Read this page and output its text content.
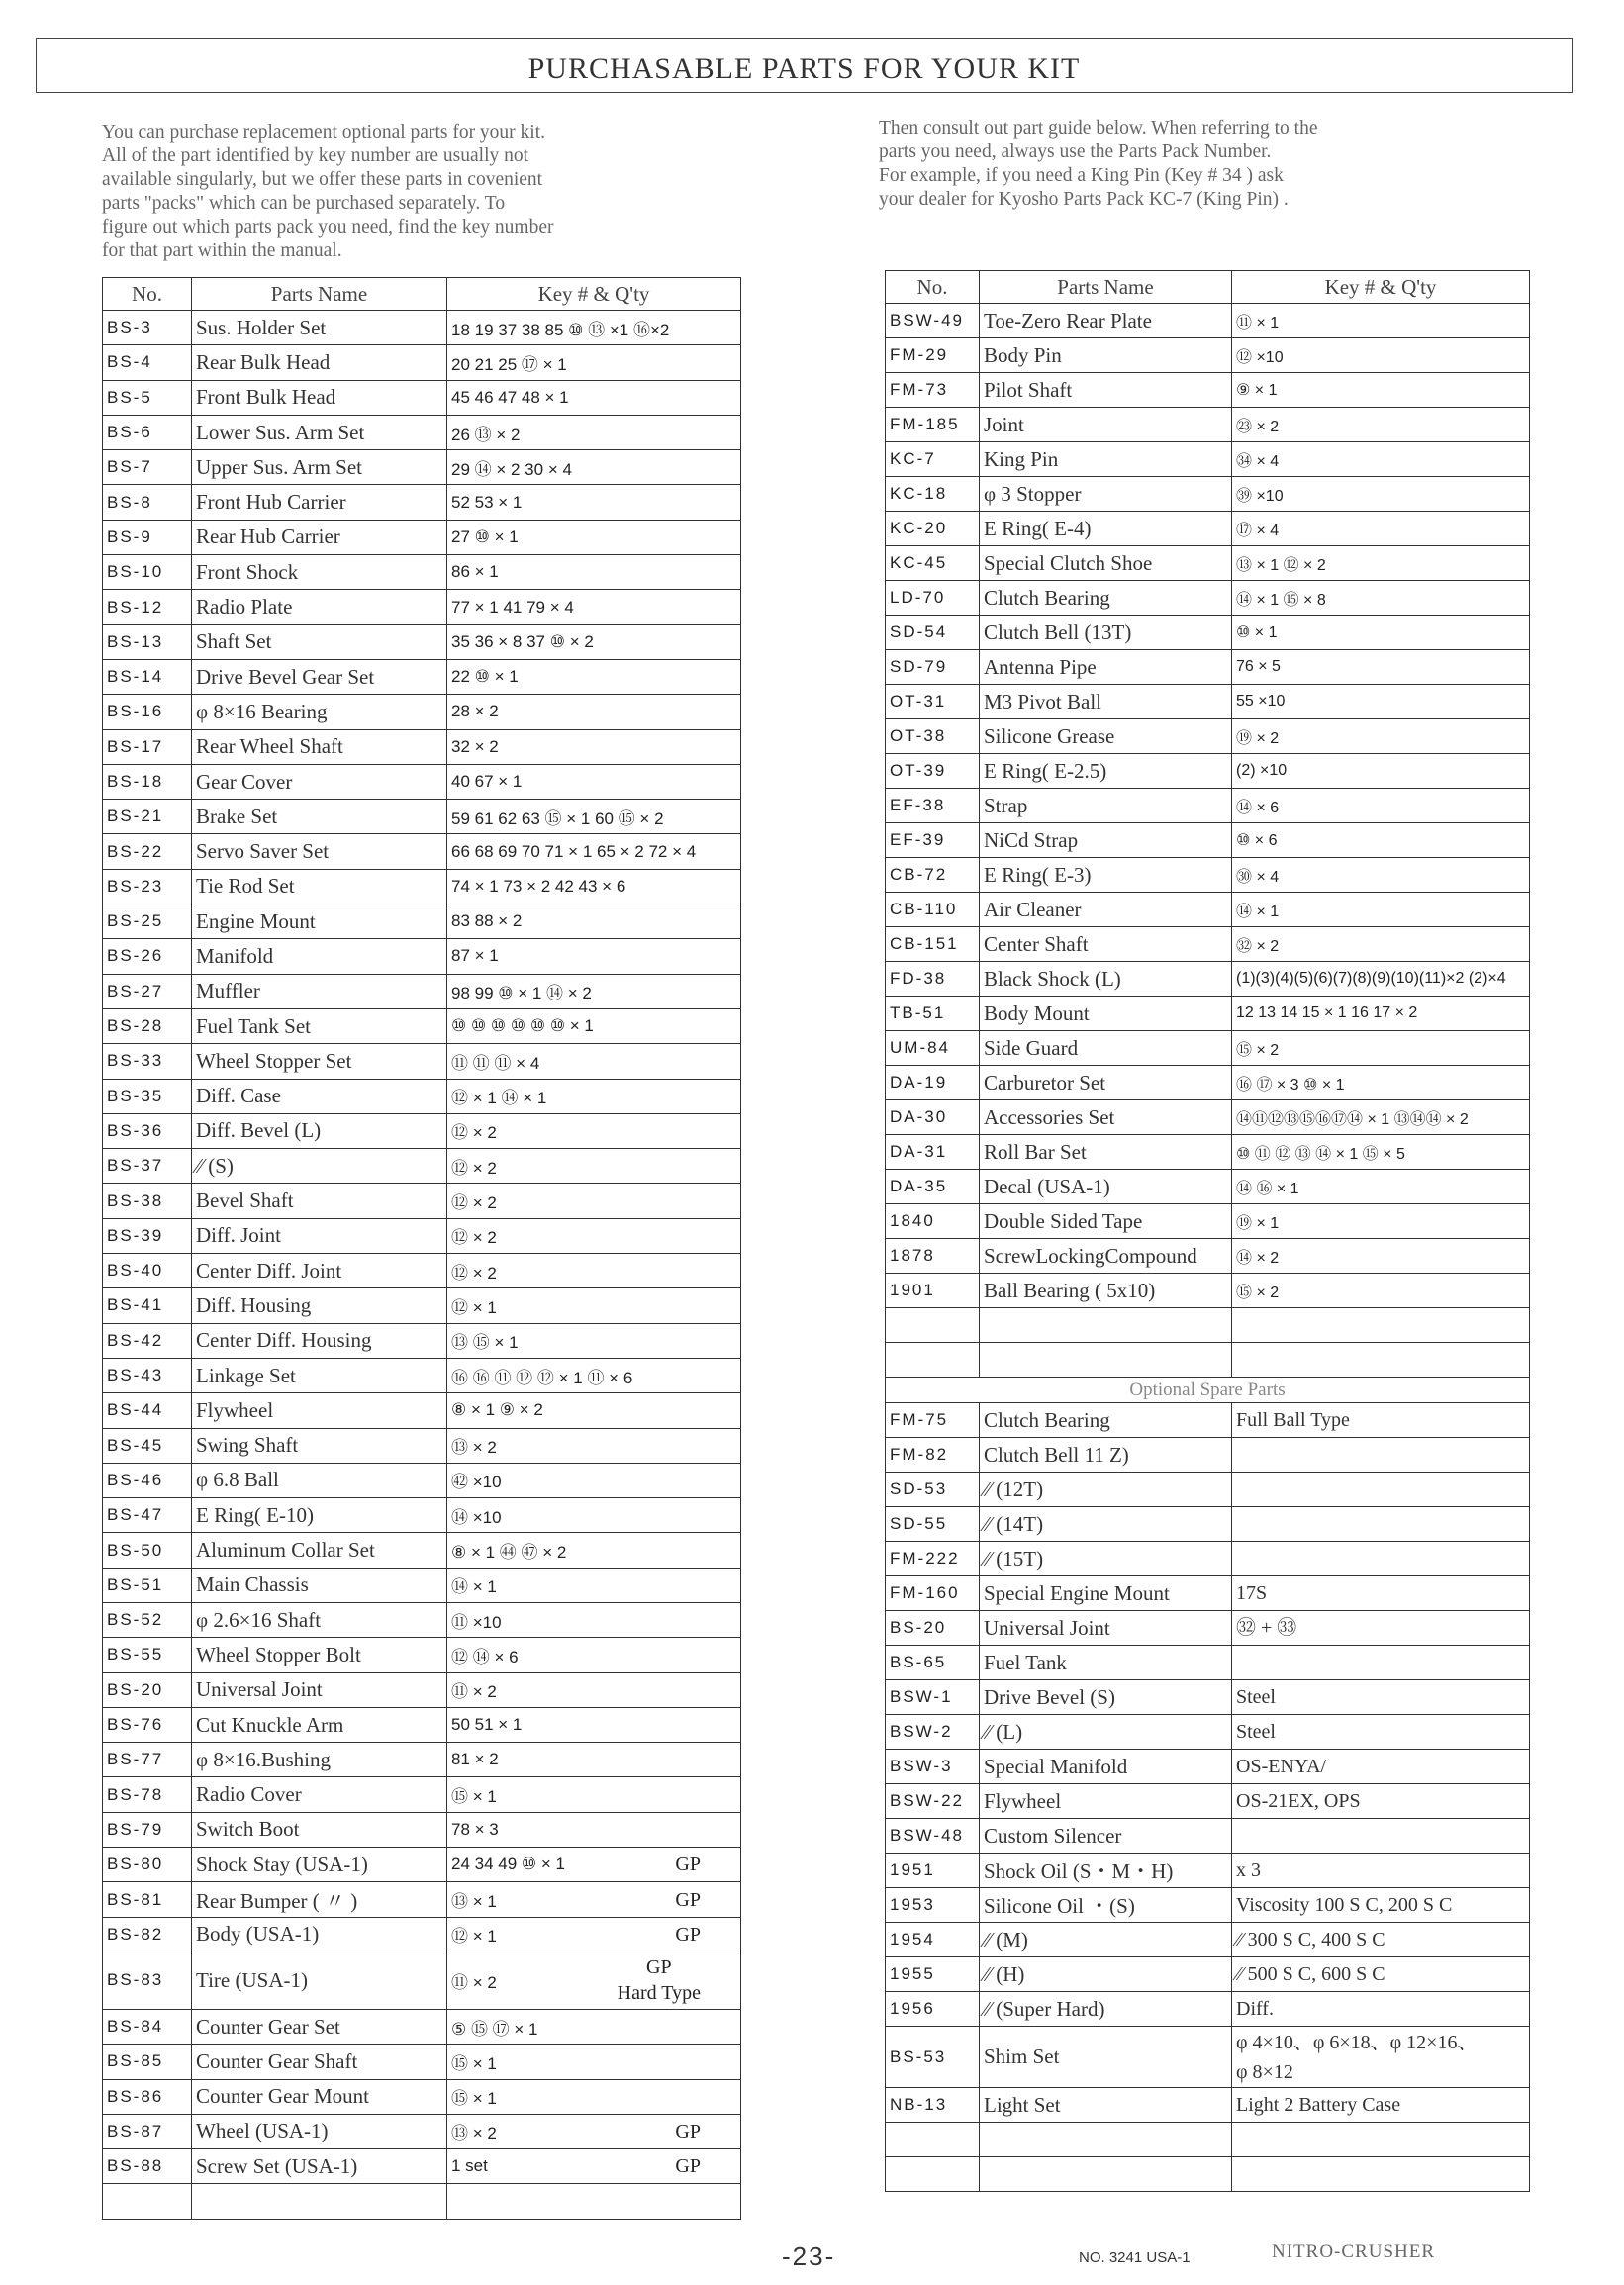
PURCHASABLE PARTS FOR YOUR KIT
You can purchase replacement optional parts for your kit.
All of the part identified by key number are usually not
available singularly, but we offer these parts in covenient
parts "packs" which can be purchased separately. To
figure out which parts pack you need, find the key number
for that part within the manual.
Then consult out part guide below. When referring to the
parts you need, always use the Parts Pack Number.
For example, if you need a King Pin (Key # 34 ) ask
your dealer for Kyosho Parts Pack KC-7 (King Pin) .
No.	Parts Name	Key # & Q'ty
BS-3	Sus. Holder Set	18 19 37 38 85 ⑩ ⑬ ×1 ⑯×2
BS-4	Rear Bulk Head	20 21 25 ⑰ × 1
BS-5	Front Bulk Head	45 46 47 48 × 1
BS-6	Lower Sus. Arm Set	26 ⑬ × 2
BS-7	Upper Sus. Arm Set	29 ⑭ × 2 30 × 4
BS-8	Front Hub Carrier	52 53 × 1
BS-9	Rear Hub Carrier	27 ⑩ × 1
BS-10	Front Shock	86 × 1
BS-12	Radio Plate	77 × 1 41 79 × 4
BS-13	Shaft Set	35 36 × 8 37 ⑩ × 2
BS-14	Drive Bevel Gear Set	22 ⑩ × 1
BS-16	φ 8×16 Bearing	28 × 2
BS-17	Rear Wheel Shaft	32 × 2
BS-18	Gear Cover	40 67 × 1
BS-21	Brake Set	59 61 62 63 ⑮ × 1 60 ⑮ × 2
BS-22	Servo Saver Set	66 68 69 70 71 × 1 65 × 2 72 × 4
BS-23	Tie Rod Set	74 × 1 73 × 2 42 43 × 6
BS-25	Engine Mount	83 88 × 2
BS-26	Manifold	87 × 1
BS-27	Muffler	98 99 ⑩ × 1 ⑭ × 2
BS-28	Fuel Tank Set	⑩ ⑩ ⑩ ⑩ ⑩ ⑩ × 1
BS-33	Wheel Stopper Set	⑪ ⑪ ⑪ × 4
BS-35	Diff. Case	⑫ × 1 ⑭ × 1
BS-36	Diff. Bevel (L)	⑫ × 2
BS-37	⁄⁄ (S)	⑫ × 2
BS-38	Bevel Shaft	⑫ × 2
BS-39	Diff. Joint	⑫ × 2
BS-40	Center Diff. Joint	⑫ × 2
BS-41	Diff. Housing	⑫ × 1
BS-42	Center Diff. Housing	⑬ ⑮ × 1
BS-43	Linkage Set	⑯ ⑯ ⑪ ⑫ ⑫ × 1 ⑪ × 6
BS-44	Flywheel	⑧ × 1 ⑨ × 2
BS-45	Swing Shaft	⑬ × 2
BS-46	φ 6.8 Ball	㊷ ×10
BS-47	E Ring( E-10)	⑭ ×10
BS-50	Aluminum Collar Set	⑧ × 1 ㊹ ㊼ × 2
BS-51	Main Chassis	⑭ × 1
BS-52	φ 2.6×16 Shaft	⑪ ×10
BS-55	Wheel Stopper Bolt	⑫ ⑭ × 6
BS-20	Universal Joint	⑪ × 2
BS-76	Cut Knuckle Arm	50 51 × 1
BS-77	φ 8×16.Bushing	81 × 2
BS-78	Radio Cover	⑮ × 1
BS-79	Switch Boot	78 × 3
BS-80	Shock Stay (USA-1)	24 34 49 ⑩ × 1 GP

BS-81	Rear Bumper ( 〃 )	⑬ × 1 GP

BS-82	Body (USA-1)	⑫ × 1 GP

BS-83	Tire (USA-1)	⑪ × 2
GP
Hard Type

BS-84	Counter Gear Set	⑤ ⑮ ⑰ × 1
BS-85	Counter Gear Shaft	⑮ × 1
BS-86	Counter Gear Mount	⑮ × 1
BS-87	Wheel (USA-1)	⑬ × 2 GP

BS-88	Screw Set (USA-1)	1 set GP

No.	Parts Name	Key # & Q'ty
BSW-49	Toe-Zero Rear Plate	⑪ × 1
FM-29	Body Pin	⑫ ×10
FM-73	Pilot Shaft	⑨ × 1
FM-185	Joint	㉓ × 2
KC-7	King Pin	㉞ × 4
KC-18	φ 3 Stopper	㊴ ×10
KC-20	E Ring( E-4)	⑰ × 4
KC-45	Special Clutch Shoe	⑬ × 1 ⑫ × 2
LD-70	Clutch Bearing	⑭ × 1 ⑮ × 8
SD-54	Clutch Bell (13T)	⑩ × 1
SD-79	Antenna Pipe	76 × 5
OT-31	M3 Pivot Ball	55 ×10
OT-38	Silicone Grease	⑲ × 2
OT-39	E Ring( E-2.5)	(2) ×10
EF-38	Strap	⑭ × 6
EF-39	NiCd Strap	⑩ × 6
CB-72	E Ring( E-3)	㉚ × 4
CB-110	Air Cleaner	⑭ × 1
CB-151	Center Shaft	㉜ × 2
FD-38	Black Shock (L)	(1)(3)(4)(5)(6)(7)(8)(9)(10)(11)×2 (2)×4
TB-51	Body Mount	12 13 14 15 × 1 16 17 × 2
UM-84	Side Guard	⑮ × 2
DA-19	Carburetor Set	⑯ ⑰ × 3 ⑩ × 1
DA-30	Accessories Set	⑭⑪⑫⑬⑮⑯⑰⑭ × 1 ⑬⑭⑭ × 2
DA-31	Roll Bar Set	⑩ ⑪ ⑫ ⑬ ⑭ × 1 ⑮ × 5
DA-35	Decal (USA-1)	⑭ ⑯ × 1
1840	Double Sided Tape	⑲ × 1
1878	ScrewLockingCompound	⑭ × 2
1901	Ball Bearing ( 5x10)	⑮ × 2

Optional Spare Parts		
FM-75	Clutch Bearing	Full Ball Type
FM-82	Clutch Bell 11 Z)	
SD-53	⁄⁄ (12T)	
SD-55	⁄⁄ (14T)	
FM-222	⁄⁄ (15T)	
FM-160	Special Engine Mount	17S
BS-20	Universal Joint	㉜ + ㉝
BS-65	Fuel Tank	
BSW-1	Drive Bevel (S)	Steel
BSW-2	⁄⁄ (L)	Steel
BSW-3	Special Manifold	OS-ENYA/
BSW-22	Flywheel	OS-21EX, OPS
BSW-48	Custom Silencer	
1951	Shock Oil (S・M・H)	x 3
1953	Silicone Oil ・(S)	Viscosity 100 S C, 200 S C
1954	⁄⁄ (M)	⁄⁄ 300 S C, 400 S C
1955	⁄⁄ (H)	⁄⁄ 500 S C, 600 S C
1956	⁄⁄ (Super Hard)	Diff.
BS-53	Shim Set	φ 4×10、φ 6×18、φ 12×16、
φ 8×12
NB-13	Light Set	Light 2 Battery Case

-23-	NO. 3241 USA-1	NITRO-CRUSHER
